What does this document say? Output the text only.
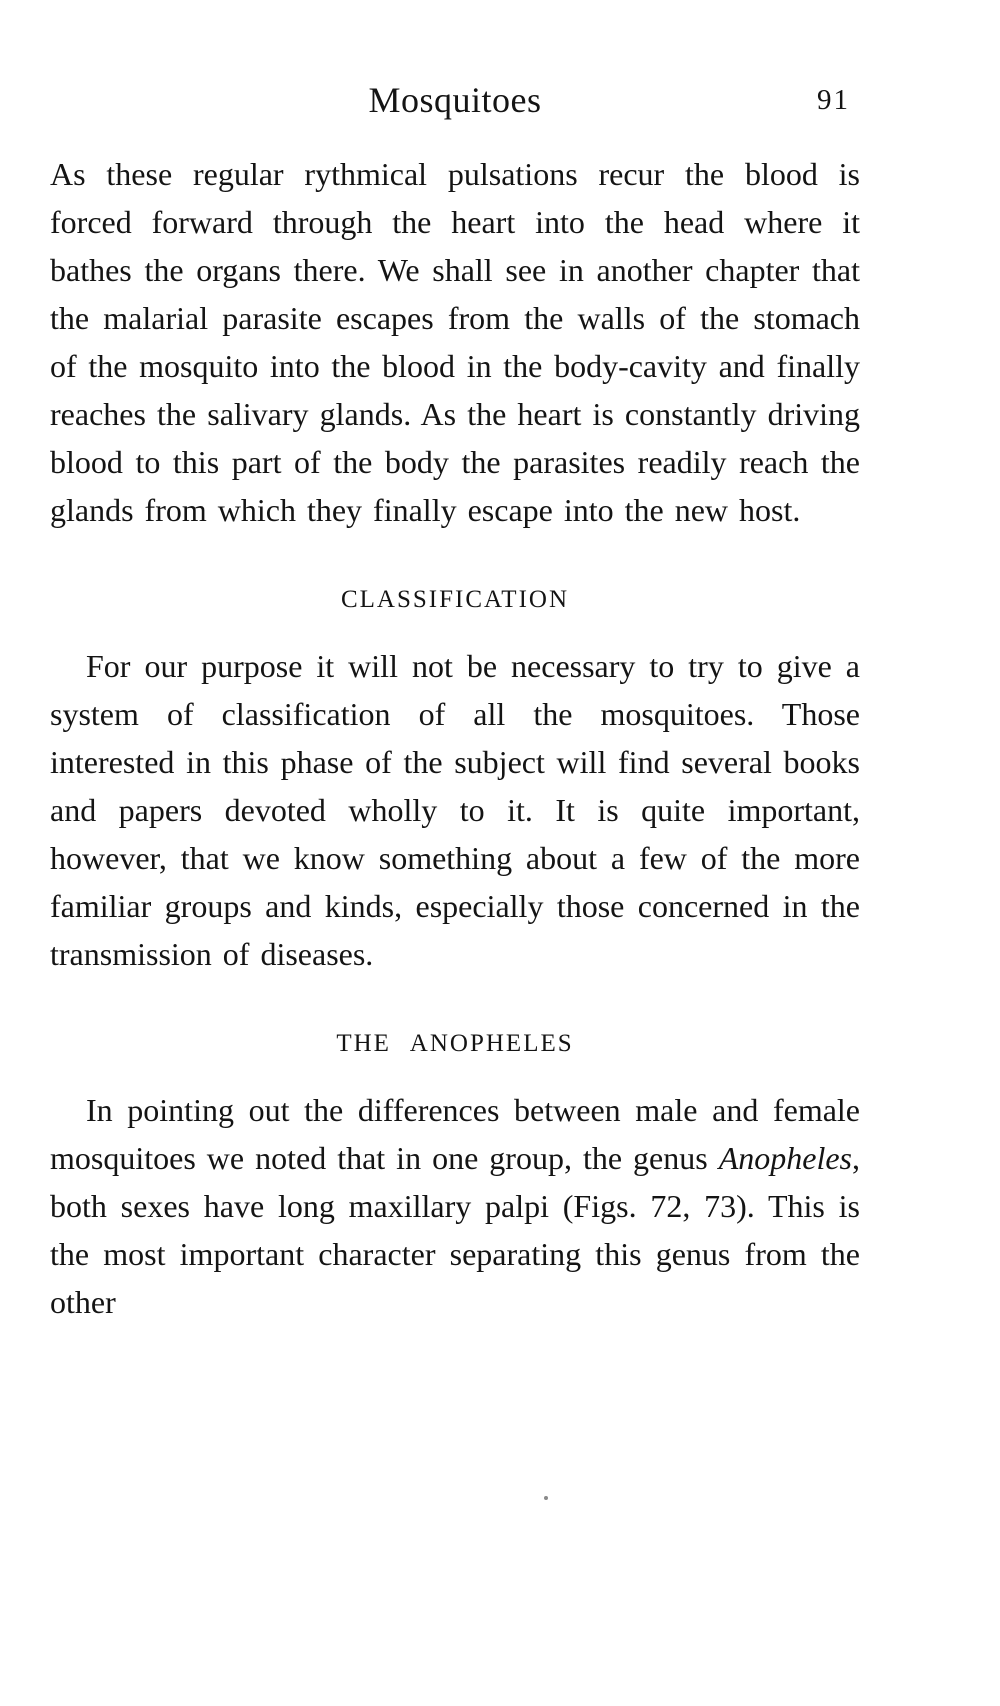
Mosquitoes	91

As these regular rythmical pulsations recur the blood is forced forward through the heart into the head where it bathes the organs there. We shall see in another chapter that the malarial parasite escapes from the walls of the stomach of the mosquito into the blood in the body-cavity and finally reaches the salivary glands. As the heart is constantly driving blood to this part of the body the parasites readily reach the glands from which they finally escape into the new host.

CLASSIFICATION

For our purpose it will not be necessary to try to give a system of classification of all the mosquitoes. Those interested in this phase of the subject will find several books and papers devoted wholly to it. It is quite important, however, that we know something about a few of the more familiar groups and kinds, especially those concerned in the transmission of diseases.

THE ANOPHELES

In pointing out the differences between male and female mosquitoes we noted that in one group, the genus Anopheles, both sexes have long maxillary palpi (Figs. 72, 73). This is the most important character separating this genus from the other
